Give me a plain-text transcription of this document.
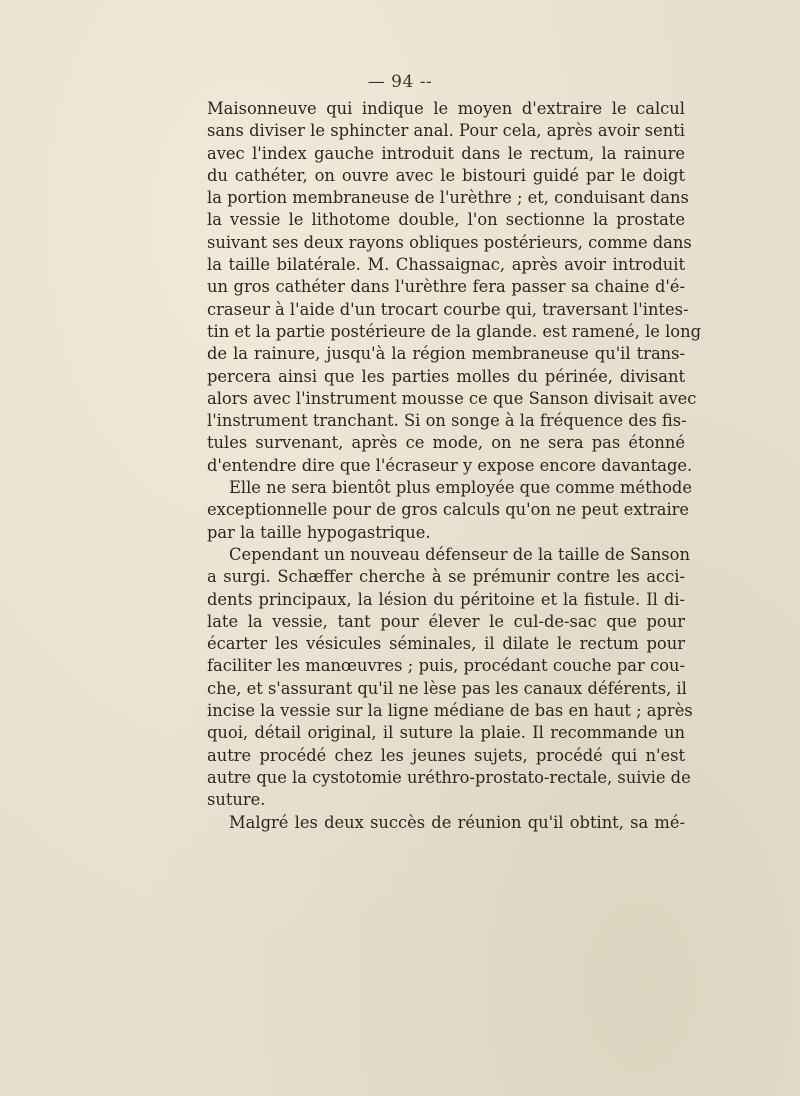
— 94 --
Maisonneuve qui indique le moyen d'extraire le calcul
sans diviser le sphincter anal. Pour cela, après avoir senti
avec l'index gauche introduit dans le rectum, la rainure
du cathéter, on ouvre avec le bistouri guidé par le doigt
la portion membraneuse de l'urèthre ; et, conduisant dans
la vessie le lithotome double, l'on sectionne la prostate
suivant ses deux rayons obliques postérieurs, comme dans
la taille bilatérale. M. Chassaignac, après avoir introduit
un gros cathéter dans l'urèthre fera passer sa chaine d'é-
craseur à l'aide d'un trocart courbe qui, traversant l'intes-
tin et la partie postérieure de la glande. est ramené, le long
de la rainure, jusqu'à la région membraneuse qu'il trans-
percera ainsi que les parties molles du périnée, divisant
alors avec l'instrument mousse ce que Sanson divisait avec
l'instrument tranchant. Si on songe à la fréquence des fis-
tules survenant, après ce mode, on ne sera pas étonné
d'entendre dire que l'écraseur y expose encore davantage.
Elle ne sera bientôt plus employée que comme méthode
exceptionnelle pour de gros calculs qu'on ne peut extraire
par la taille hypogastrique.
Cependant un nouveau défenseur de la taille de Sanson
a surgi. Schæffer cherche à se prémunir contre les acci-
dents principaux, la lésion du péritoine et la fistule. Il di-
late la vessie, tant pour élever le cul-de-sac que pour
écarter les vésicules séminales, il dilate le rectum pour
faciliter les manœuvres ; puis, procédant couche par cou-
che, et s'assurant qu'il ne lèse pas les canaux déférents, il
incise la vessie sur la ligne médiane de bas en haut ; après
quoi, détail original, il suture la plaie. Il recommande un
autre procédé chez les jeunes sujets, procédé qui n'est
autre que la cystotomie uréthro-prostato-rectale, suivie de
suture.
Malgré les deux succès de réunion qu'il obtint, sa mé-
